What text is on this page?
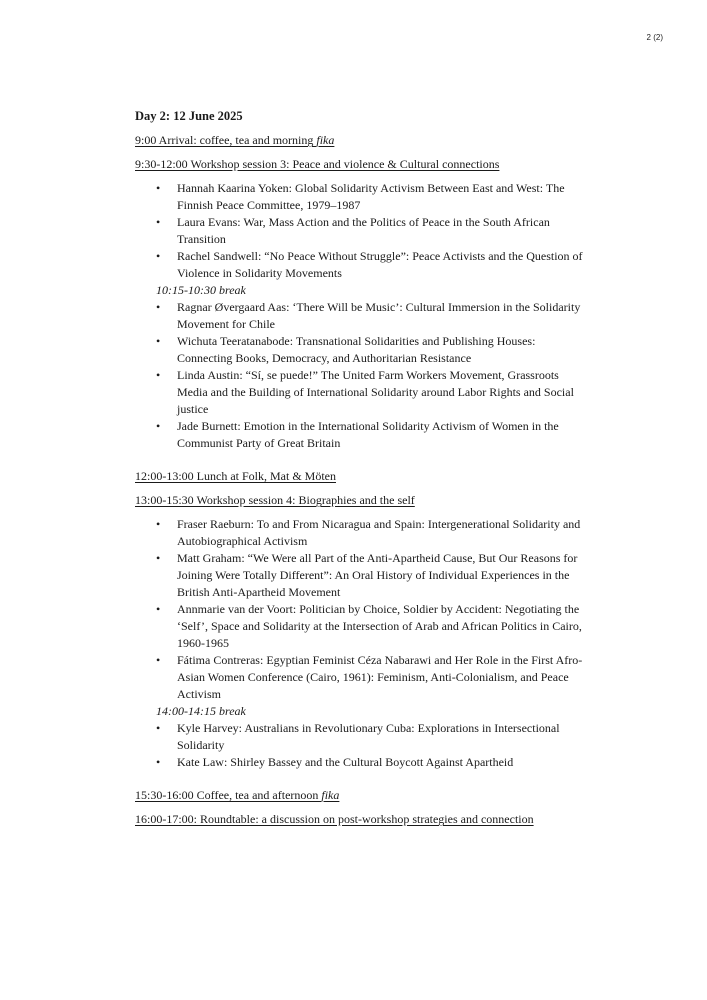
2 (2)
Day 2: 12 June 2025
9:00 Arrival: coffee, tea and morning fika
9:30-12:00 Workshop session 3: Peace and violence & Cultural connections
• Hannah Kaarina Yoken: Global Solidarity Activism Between East and West: The Finnish Peace Committee, 1979–1987
• Laura Evans: War, Mass Action and the Politics of Peace in the South African Transition
• Rachel Sandwell: “No Peace Without Struggle”: Peace Activists and the Question of Violence in Solidarity Movements
10:15-10:30 break
• Ragnar Øvergaard Aas: ‘There Will be Music’: Cultural Immersion in the Solidarity Movement for Chile
• Wichuta Teeratanabode: Transnational Solidarities and Publishing Houses: Connecting Books, Democracy, and Authoritarian Resistance
• Linda Austin: “Sí, se puede!” The United Farm Workers Movement, Grassroots Media and the Building of International Solidarity around Labor Rights and Social justice
• Jade Burnett: Emotion in the International Solidarity Activism of Women in the Communist Party of Great Britain
12:00-13:00 Lunch at Folk, Mat & Möten
13:00-15:30 Workshop session 4: Biographies and the self
• Fraser Raeburn: To and From Nicaragua and Spain: Intergenerational Solidarity and Autobiographical Activism
• Matt Graham: “We Were all Part of the Anti-Apartheid Cause, But Our Reasons for Joining Were Totally Different”: An Oral History of Individual Experiences in the British Anti-Apartheid Movement
• Annmarie van der Voort: Politician by Choice, Soldier by Accident: Negotiating the ‘Self’, Space and Solidarity at the Intersection of Arab and African Politics in Cairo, 1960-1965
• Fátima Contreras: Egyptian Feminist Céza Nabarawi and Her Role in the First Afro-Asian Women Conference (Cairo, 1961): Feminism, Anti-Colonialism, and Peace Activism
14:00-14:15 break
• Kyle Harvey: Australians in Revolutionary Cuba: Explorations in Intersectional Solidarity
• Kate Law: Shirley Bassey and the Cultural Boycott Against Apartheid
15:30-16:00 Coffee, tea and afternoon fika
16:00-17:00: Roundtable: a discussion on post-workshop strategies and connection
